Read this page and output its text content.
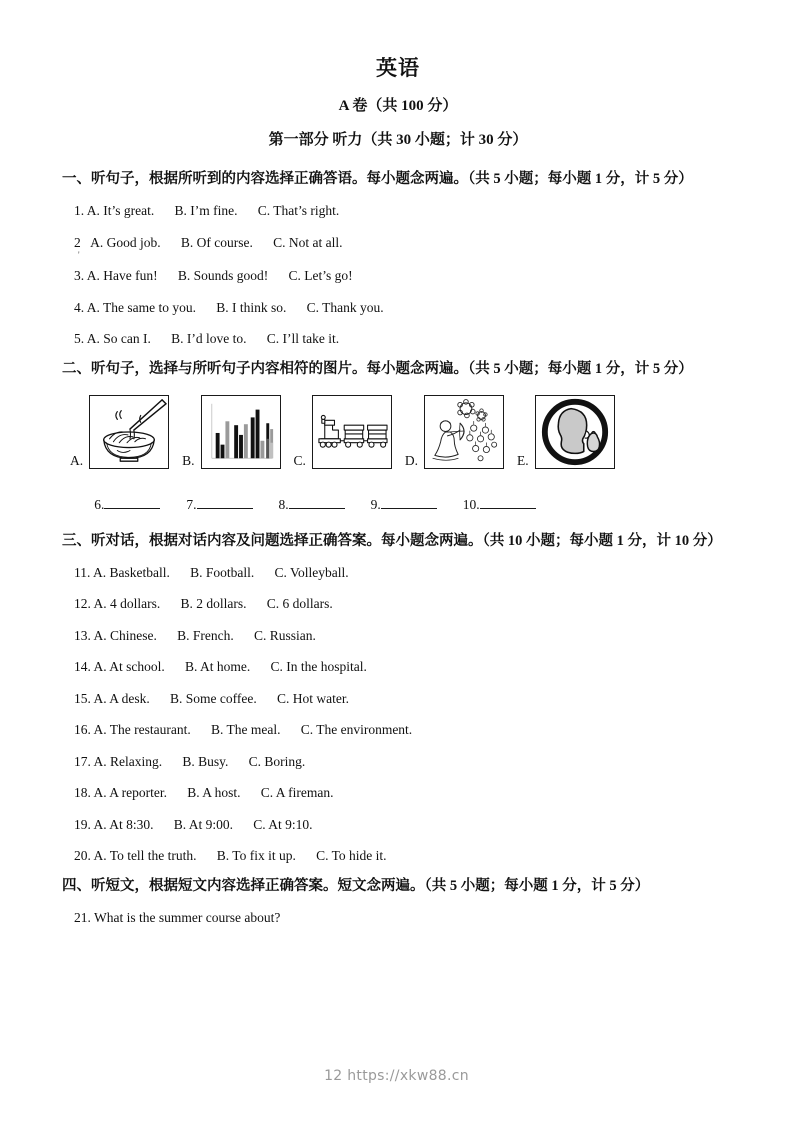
英语
A 卷（共 100 分）
第一部分 听力（共 30 小题；计 30 分）
一、听句子，根据所听到的内容选择正确答语。每小题念两遍。（共 5 小题；每小题 1 分，计 5 分）
1. A. It’s great.      B. I’m fine.      C. That’s right.
2   A. Good job.      B. Of course.      C. Not at all.
'
3. A. Have fun!      B. Sounds good!      C. Let’s go!
4. A. The same to you.      B. I think so.      C. Thank you.
5. A. So can I.      B. I’d love to.      C. I’ll take it.
二、听句子，选择与所听句子内容相符的图片。每小题念两遍。（共 5 小题；每小题 1 分，计 5 分）
A.	B.	C.	D.	E.

6.	7.	8.	9.	10.

三、听对话，根据对话内容及问题选择正确答案。每小题念两遍。（共 10 小题；每小题 1 分，计 10 分）
11. A. Basketball.      B. Football.      C. Volleyball.
12. A. 4 dollars.      B. 2 dollars.      C. 6 dollars.
13. A. Chinese.      B. French.      C. Russian.
14. A. At school.      B. At home.      C. In the hospital.
15. A. A desk.      B. Some coffee.      C. Hot water.
16. A. The restaurant.      B. The meal.      C. The environment.
17. A. Relaxing.      B. Busy.      C. Boring.
18. A. A reporter.      B. A host.      C. A fireman.
19. A. At 8:30.      B. At 9:00.      C. At 9:10.
20. A. To tell the truth.      B. To fix it up.      C. To hide it.
四、听短文，根据短文内容选择正确答案。短文念两遍。（共 5 小题；每小题 1 分，计 5 分）
21. What is the summer course about?
12 https://xkw88.cn
